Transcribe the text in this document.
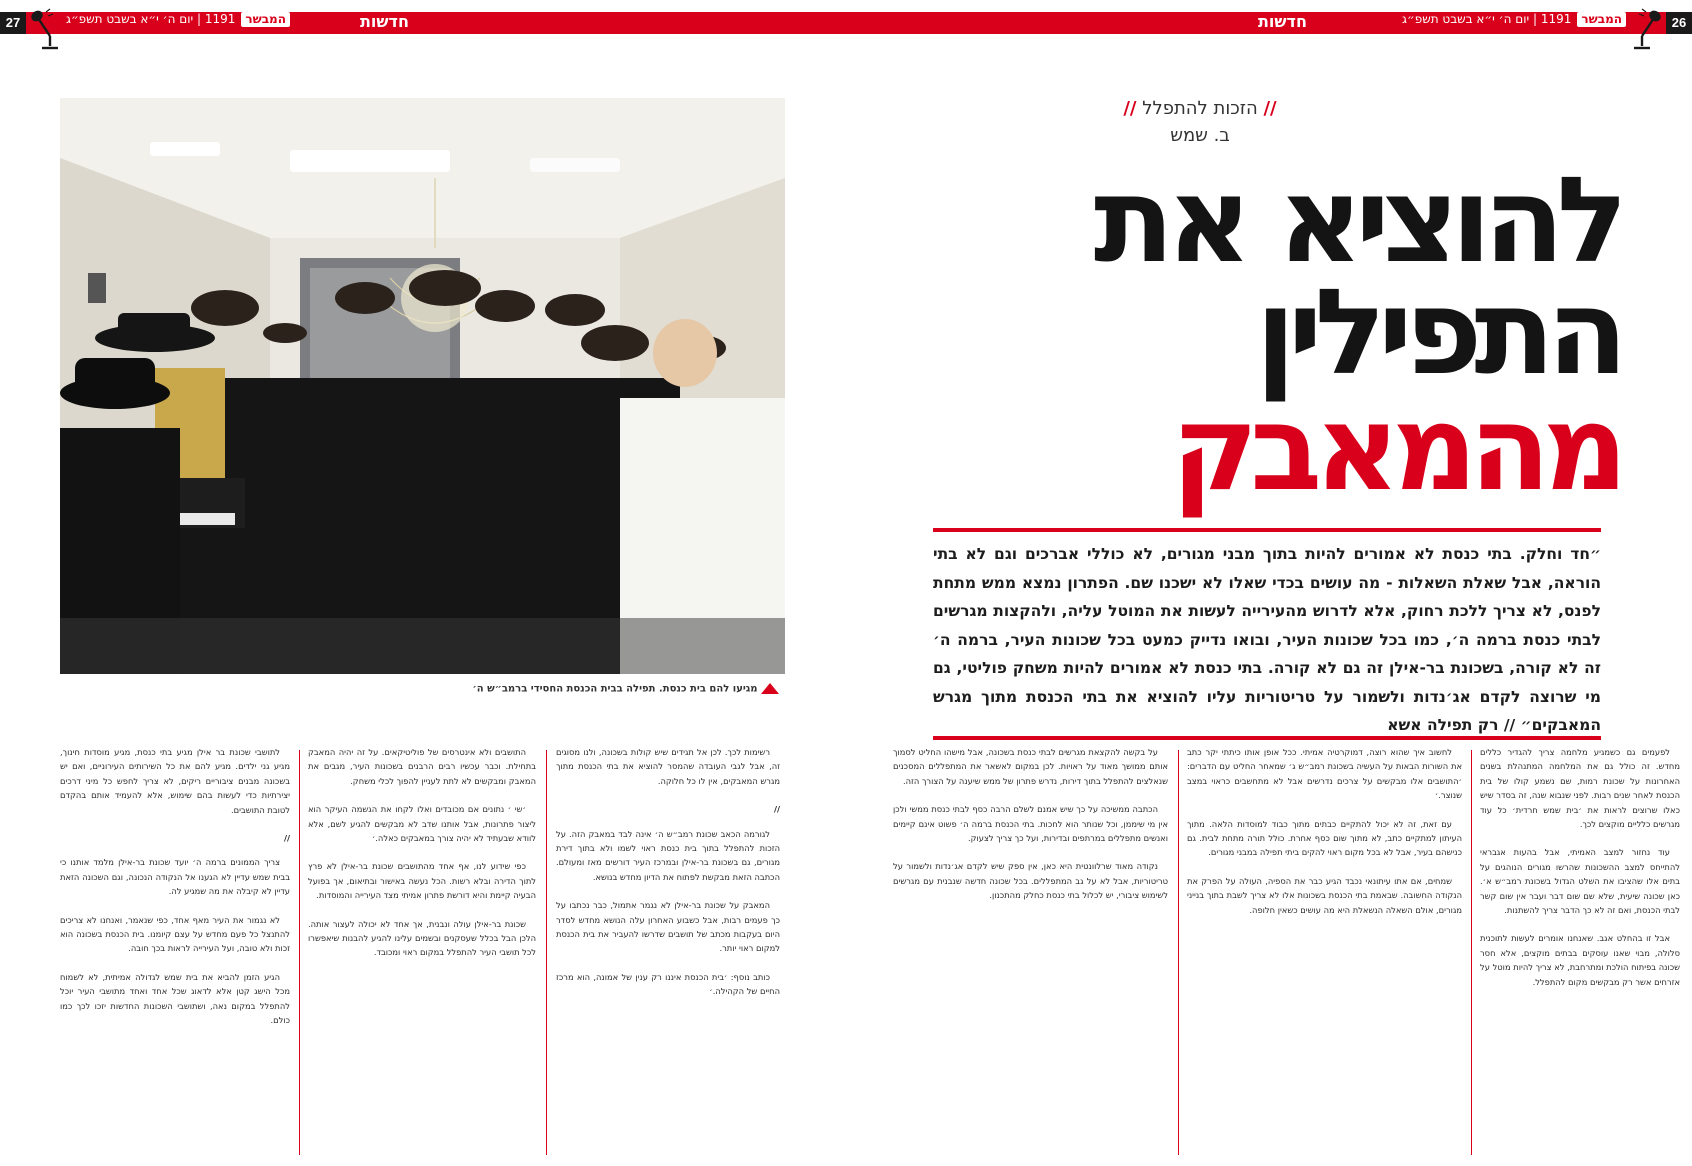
27	26
המבשר1191 | יום ה׳ י״א בשבט תשפ״ג	המבשר1191 | יום ה׳ י״א בשבט תשפ״ג
חדשות	חדשות
מגיעו להם בית כנסת. תפילה בבית הכנסת החסידי ברמב״ש ה׳
// הזכות להתפלל //
ב. שמש
להוציא את
התפילין
מהמאבק
״חד וחלק. בתי כנסת לא אמורים להיות בתוך מבני מגורים, לא כוללי אברכים וגם לא בתי הוראה, אבל שאלת השאלות - מה עושים בכדי שאלו לא ישכנו שם. הפתרון נמצא ממש מתחת לפנס, לא צריך ללכת רחוק, אלא לדרוש מהעירייה לעשות את המוטל עליה, ולהקצות מגרשים לבתי כנסת ברמה ה׳, כמו בכל שכונות העיר, ובואו נדייק כמעט בכל שכונות העיר, ברמה ה׳ זה לא קורה, בשכונת בר-אילן זה גם לא קורה. בתי כנסת לא אמורים להיות משחק פוליטי, גם מי שרוצה לקדם אג׳נדות ולשמור על טריטוריות עליו להוציא את בתי הכנסת מתוך מגרש המאבקים״ // רק תפילה אשא

לפעמים גם כשמגיע מלחמה צריך להגדיר כללים מחדש. זה כולל גם את המלחמה המתנהלת בשנים האחרונות על שכונת רמות, שם נשמע קולו של בית הכנסת לאחר שנים רבות. לפני שנבוא שנה, זה בסדר שיש כאלו שרוצים לראות את ׳בית שמש חרדית׳ כל עוד מגרשים כלליים מוקצים לכך.

עוד נחזור למצב האמיתי, אבל בהעות אגבראי להתייחס למצב ההשכונות שהרשו מגורים הנוהגים על בתים אלו שהציבו את השלט הגדול בשכונת רמב״ש א׳. כאן שכונה שיעית, שלא שם שום דבר ועבר אין שום קשר לבתי הכנסת, ואם זה לא כך הדבר צריך להשתנות.

אבל זו בהחלט אגב. שאנחנו אומרים לעשות לתוכנית סלולה, מבוי שאנו עוסקים בבתים מוקצים, אלא חסר שכונה בפיתוח הולכת ומתרחבת, לא צריך להיות מוטל על אזרחים אשר רק מבקשים מקום להתפלל.

לחשוב איך שהוא רוצה, דמוקרטיה אמיתי. ככל אופן אותו כיתתי יקר כתב את השורות הבאות על העשיה בשכונת רמב״ש ג׳ שמאחר החליט עם הדברים: ׳התושבים אלו מבקשים על צרכים נדרשים אבל לא מתחשבים כראוי במצב שנוצר.׳

עם זאת, זה לא יכול להתקיים כבתים מתוך כבוד למוסדות הלאה. מתוך העיתון למתקיים כתב, לא מתוך שום כסף אחרת. כולל תורה מתחת לבית. גם כנישהם בעיר, אבל לא בכל מקום ראוי להקים ביתי תפילה במבני מגורים.

שמחים, אם אתו עיתונאי נכבד הגיע כבר את הספיה, העולה על הפרק את הנקודה החשובה. שבאמת בתי הכנסת בשכונות אלו לא צריך לשבת בתוך בנייני מגורים, אולם השאלה הנשאלת היא מה עושים כשאין חלופה.

על בקשה להקצאת מגרשים לבתי כנסת בשכונה, אבל מישהו החליט לסמוך אותם ממושך מאוד על ראויות. לכן במקום לאשאר את המתפללים המסכנים שנאלצים להתפלל בתוך דירות, נדרש פתרון של ממש שיענה על הצורך הזה.

הכתבה ממשיכה על כך שיש אמנם לשלם הרבה כסף לבתי כנסת ממשי ולכן אין מי שיממן, וכל שנותר הוא לחכות. בתי הכנסת ברמה ה׳ פשוט אינם קיימים ואנשים מתפללים במרתפים ובדירות, ועל כך צריך לצעוק.

נקודה מאוד שרלוונטית היא כאן, אין ספק שיש לקדם אג׳נדות ולשמור על טריטוריות, אבל לא על גב המתפללים. בכל שכונה חדשה שנבנית עם מגרשים לשימוש ציבורי, יש לכלול בתי כנסת כחלק מהתכנון.

רשימות לכך. לכן אל תגידים שיש קולות בשכונה, ולנו מסוגים זה, אבל לגבי העובדה שהמסר להוציא את בתי הכנסת מתוך מגרש המאבקים, אין לו כל חלוקה.

//

לגורמה הכאב שכונת רמב״ש ה׳ אינה לבד במאבק הזה. על הזכות להתפלל בתוך בית כנסת ראוי לשמו ולא בתוך דירת מגורים, גם בשכונת בר-אילן ובמרכז העיר דורשים מאז ומעולם. הכתבה הזאת מבקשת לפתוח את הדיון מחדש בנושא.

המאבק על שכונת בר-אילן לא נגמר אתמול, כבר נכתבו על כך פעמים רבות, אבל כשבוע האחרון עלה הנושא מחדש לסדר היום בעקבות מכתב של תושבים שדרשו להעביר את בית הכנסת למקום ראוי יותר.

כותב נוסף: ׳בית הכנסת איננו רק ענין של אמונה, הוא מרכז החיים של הקהילה.׳

התושבים ולא אינטרסים של פוליטיקאים. על זה יהיה המאבק בתחילת. וכבר עכשיו רבים הרבנים בשכונות העיר, מגבים את המאבק ומבקשים לא לתת לעניין להפוך לכלי משחק.

׳שי ׳ נתונים אם מכובדים ואלו לקחו את הגשמה העיקר הוא ליצור פתרונות, אבל אותנו שדב לא מבקשים להגיע לשם, אלא לוודא שבעתיד לא יהיה צורך במאבקים כאלה.׳

כפי שידוע לנו, אף אחד מהתושבים שכונת בר-אילן לא פרץ לתוך הדירה ובלא רשות. הכל נעשה באישור ובתיאום, אך בפועל הבעיה קיימת והיא דורשת פתרון אמיתי מצד העירייה והמוסדות.

שכונת בר-אילן עולה ונבנית, אך אחד לא יכולה לעצור אותה. הלכן הבל בכלל שעסקנים ובשמים עלינו להגיע להבנות שיאפשרו לכל תושבי העיר להתפלל במקום ראוי ומכובד.

לתושבי שכונת בר אילן מגיע בתי כנסת, מגיע מוסדות חינוך, מגיע גני ילדים. מגיע להם את כל השירותים העירוניים, ואם יש בשכונה מבנים ציבוריים ריקים, לא צריך לחפש כל מיני דרכים יצירתיות כדי לעשות בהם שימוש, אלא להעמיד אותם בהקדם לטובת התושבים.

//

צריך הממונים ברמה ה׳ יועד שכונת בר-אילן מלמד אותנו כי בבית שמש עדיין לא הגענו אל הנקודה הנכונה, וגם השכונה הזאת עדיין לא קיבלה את מה שמגיע לה.

לא נגמור את העיר מאף אחד, כפי שנאמר, ואנחנו לא צריכים להתנצל כל פעם מחדש על עצם קיומנו. בית הכנסת בשכונה הוא זכות ולא טובה, ועל העירייה לראות בכך חובה.

הגיע הזמן להביא את בית שמש לגדולה אמיתית, לא לשמוח מכל הישג קטן אלא לדאוג שכל אחד ואחד מתושבי העיר יוכל להתפלל במקום נאה, ושתושבי השכונות החדשות יזכו לכך כמו כולם.
